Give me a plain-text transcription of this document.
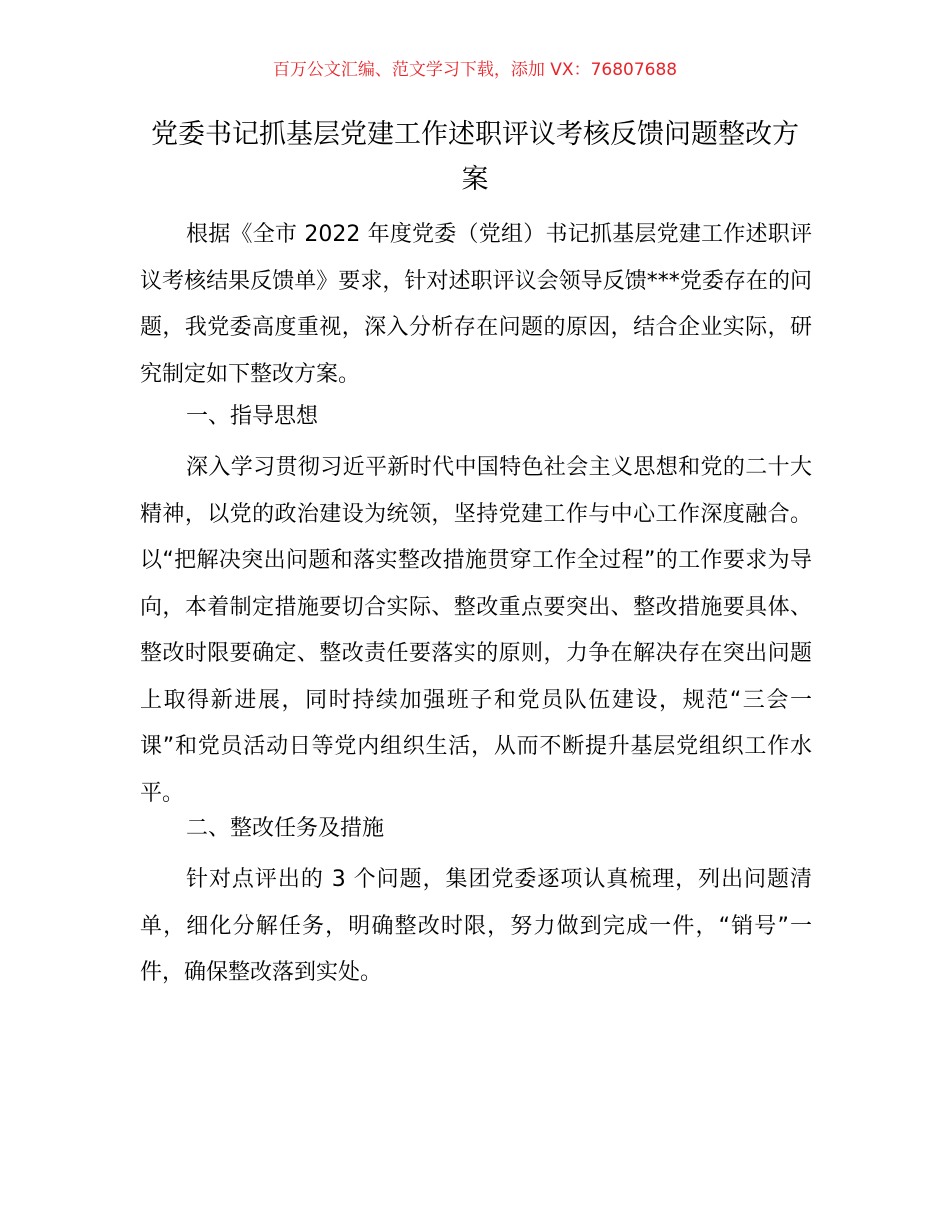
百万公文汇编、范文学习下载，添加 VX：76807688
党委书记抓基层党建工作述职评议考核反馈问题整改方案
根据《全市 2022 年度党委（党组）书记抓基层党建工作述职评议考核结果反馈单》要求，针对述职评议会领导反馈***党委存在的问题，我党委高度重视，深入分析存在问题的原因，结合企业实际，研究制定如下整改方案。
一、指导思想
深入学习贯彻习近平新时代中国特色社会主义思想和党的二十大精神，以党的政治建设为统领，坚持党建工作与中心工作深度融合。以“把解决突出问题和落实整改措施贯穿工作全过程”的工作要求为导向，本着制定措施要切合实际、整改重点要突出、整改措施要具体、整改时限要确定、整改责任要落实的原则，力争在解决存在突出问题上取得新进展，同时持续加强班子和党员队伍建设，规范“三会一课”和党员活动日等党内组织生活，从而不断提升基层党组织工作水平。
二、整改任务及措施
针对点评出的 3 个问题，集团党委逐项认真梳理，列出问题清单，细化分解任务，明确整改时限，努力做到完成一件，“销号”一件，确保整改落到实处。
